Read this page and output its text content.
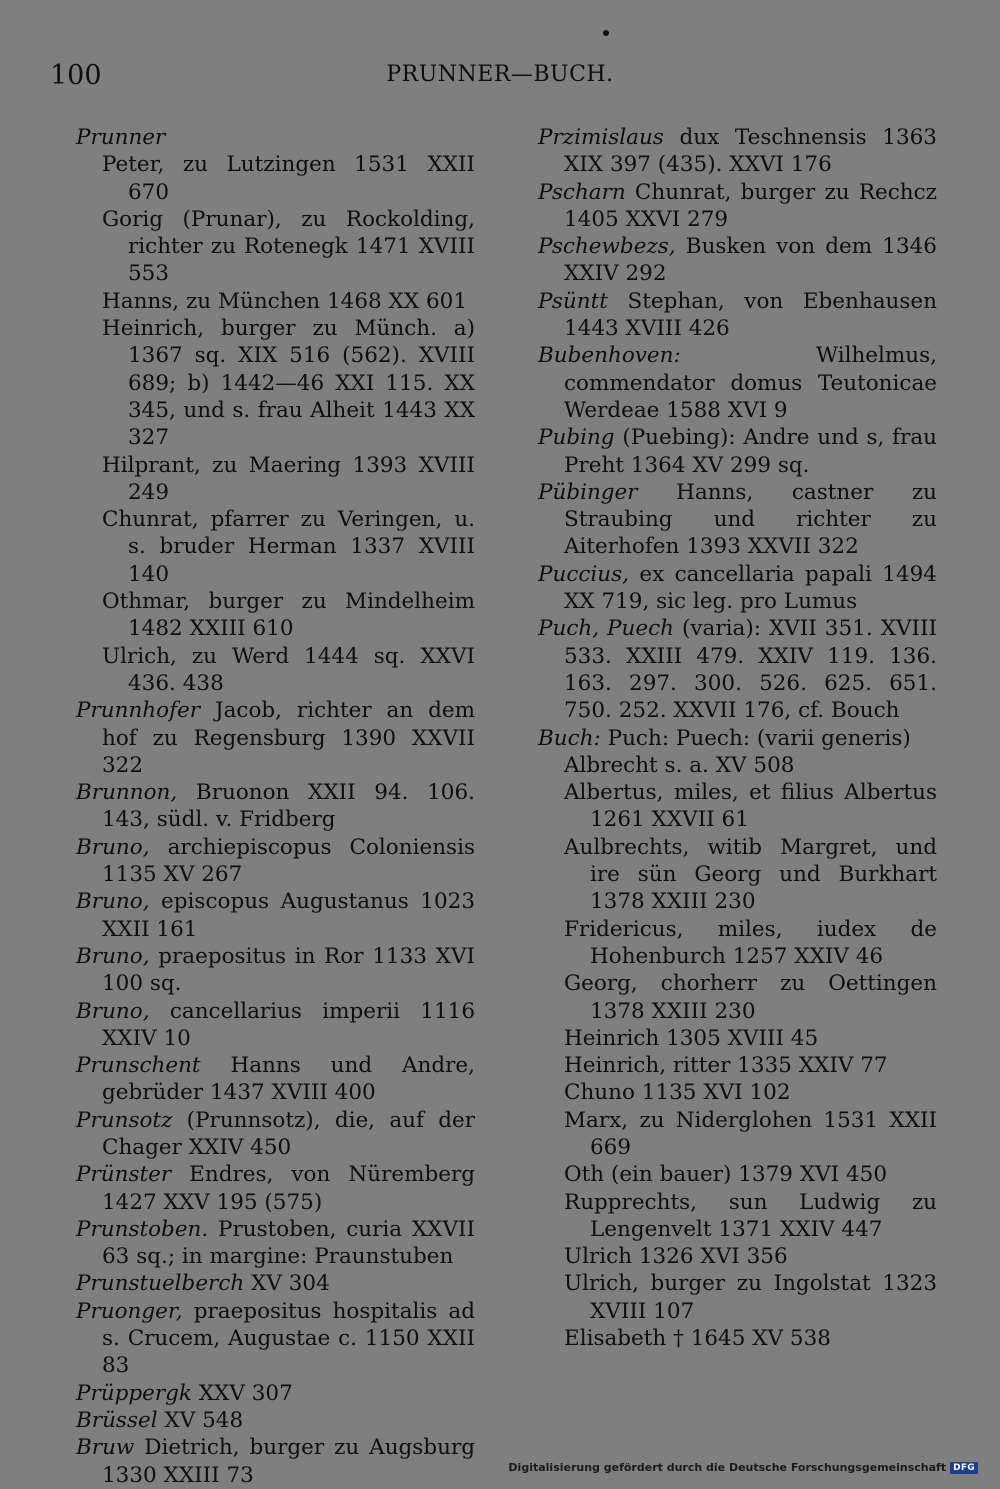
100	PRUNNER—BUCH.
Prunner
Peter, zu Lutzingen 1531 XXII 670
Gorig (Prunar), zu Rockolding, richter zu Rotenegk 1471 XVIII 553
Hanns, zu München 1468 XX 601
Heinrich, burger zu Münch. a) 1367 sq. XIX 516 (562). XVIII 689; b) 1442—46 XXI 115. XX 345, und s. frau Alheit 1443 XX 327
Hilprant, zu Maering 1393 XVIII 249
Chunrat, pfarrer zu Veringen, u. s. bruder Herman 1337 XVIII 140
Othmar, burger zu Mindelheim 1482 XXIII 610
Ulrich, zu Werd 1444 sq. XXVI 436. 438
Prunnhofer Jacob, richter an dem hof zu Regensburg 1390 XXVII 322
Brunnon, Bruonon XXII 94. 106. 143, südl. v. Fridberg
Bruno, archiepiscopus Coloniensis 1135 XV 267
Bruno, episcopus Augustanus 1023 XXII 161
Bruno, praepositus in Ror 1133 XVI 100 sq.
Bruno, cancellarius imperii 1116 XXIV 10
Prunschent Hanns und Andre, gebrüder 1437 XVIII 400
Prunsotz (Prunnsotz), die, auf der Chager XXIV 450
Prünster Endres, von Nüremberg 1427 XXV 195 (575)
Prunstoben. Prustoben, curia XXVII 63 sq.; in margine: Praunstuben
Prunstuelberch XV 304
Pruonger, praepositus hospitalis ad s. Crucem, Augustae c. 1150 XXII 83
Prüppergk XXV 307
Brüssel XV 548
Bruw Dietrich, burger zu Augsburg 1330 XXIII 73
Przimislaus dux Teschnensis 1363 XIX 397 (435). XXVI 176
Pscharn Chunrat, burger zu Rechcz 1405 XXVI 279
Pschewbezs, Busken von dem 1346 XXIV 292
Psüntt Stephan, von Ebenhausen 1443 XVIII 426
Bubenhoven: Wilhelmus, commendator domus Teutonicae Werdeae 1588 XVI 9
Pubing (Puebing): Andre und s, frau Preht 1364 XV 299 sq.
Pübinger Hanns, castner zu Straubing und richter zu Aiterhofen 1393 XXVII 322
Puccius, ex cancellaria papali 1494 XX 719, sic leg. pro Lumus
Puch, Puech (varia): XVII 351. XVIII 533. XXIII 479. XXIV 119. 136. 163. 297. 300. 526. 625. 651. 750. 252. XXVII 176, cf. Bouch
Buch: Puch: Puech: (varii generis)
Albrecht s. a. XV 508
Albertus, miles, et filius Albertus 1261 XXVII 61
Aulbrechts, witib Margret, und ire sün Georg und Burkhart 1378 XXIII 230
Fridericus, miles, iudex de Hohenburch 1257 XXIV 46
Georg, chorherr zu Oettingen 1378 XXIII 230
Heinrich 1305 XVIII 45
Heinrich, ritter 1335 XXIV 77
Chuno 1135 XVI 102
Marx, zu Niderglohen 1531 XXII 669
Oth (ein bauer) 1379 XVI 450
Rupprechts, sun Ludwig zu Lengenvelt 1371 XXIV 447
Ulrich 1326 XVI 356
Ulrich, burger zu Ingolstat 1323 XVIII 107
Elisabeth † 1645 XV 538
Digitalisierung gefördert durch die Deutsche Forschungsgemeinschaft DFG
